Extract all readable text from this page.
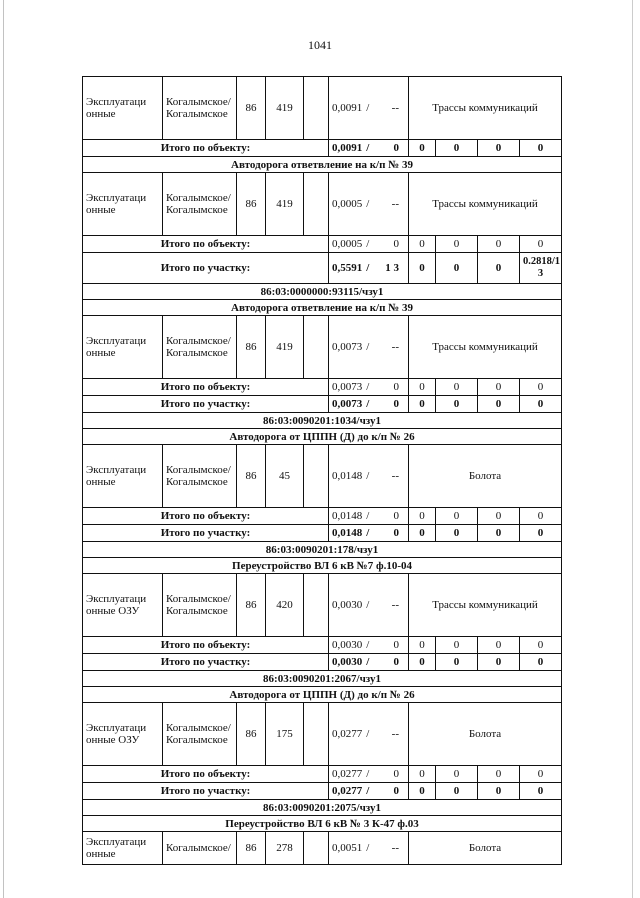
1041
Эксплуатаци онные	Когалымское/ Когалымское	86	419		0,0091 / --	Трассы коммуникаций			
Итого по объекту:					0,0091 / 0	0	0	0	0
Автодорога ответвление на к/п № 39									
Эксплуатаци онные	Когалымское/ Когалымское	86	419		0,0005 / --	Трассы коммуникаций			
Итого по объекту:					0,0005 / 0	0	0	0	0
Итого по участку:					0,5591 / 1 3	0	0	0	0.2818/1 3
86:03:0000000:93115/чзу1									
Автодорога ответвление на к/п № 39									
Эксплуатаци онные	Когалымское/ Когалымское	86	419		0,0073 / --	Трассы коммуникаций			
Итого по объекту:					0,0073 / 0	0	0	0	0
Итого по участку:					0,0073 / 0	0	0	0	0
86:03:0090201:1034/чзу1									
Автодорога от ЦППН (Д) до к/п № 26									
Эксплуатаци онные	Когалымское/ Когалымское	86	45		0,0148 / --	Болота			
Итого по объекту:					0,0148 / 0	0	0	0	0
Итого по участку:					0,0148 / 0	0	0	0	0
86:03:0090201:178/чзу1									
Переустройство ВЛ 6 кВ №7 ф.10-04									
Эксплуатаци онные ОЗУ	Когалымское/ Когалымское	86	420		0,0030 / --	Трассы коммуникаций			
Итого по объекту:					0,0030 / 0	0	0	0	0
Итого по участку:					0,0030 / 0	0	0	0	0
86:03:0090201:2067/чзу1									
Автодорога от ЦППН (Д) до к/п № 26									
Эксплуатаци онные ОЗУ	Когалымское/ Когалымское	86	175		0,0277 / --	Болота			
Итого по объекту:					0,0277 / 0	0	0	0	0
Итого по участку:					0,0277 / 0	0	0	0	0
86:03:0090201:2075/чзу1									
Переустройство ВЛ 6 кВ № 3 К-47 ф.03									
Эксплуатаци онные	Когалымское/	86	278		0,0051 / --	Болота			
